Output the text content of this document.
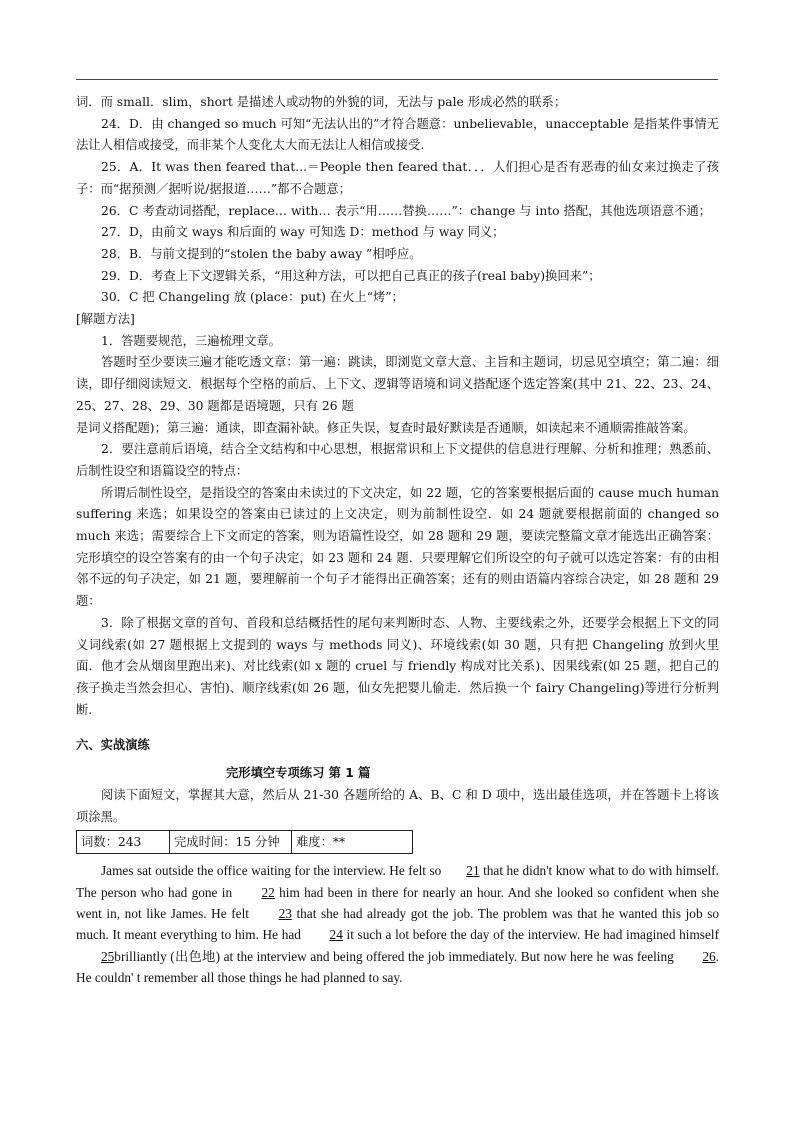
词．而 small．slim，short 是描述人或动物的外貌的词，无法与 pale 形成必然的联系；

24．D．由 changed so much 可知“无法认出的”才符合题意：unbelievable，unacceptable 是指某件事情无法让人相信或接受，而非某个人变化太大而无法让人相信或接受.

25．A．It was then feared that...＝People then feared that．．．人们担心是否有恶毒的仙女来过换走了孩子：而“据预测／据听说/据报道……”都不合题意；

26．C 考查动词搭配，replace… with… 表示“用……替换……”：change 与 into 搭配，其他选项语意不通；

27．D，由前文 ways 和后面的 way 可知选 D：method 与 way 同义；

28．B．与前文提到的“stolen the baby away ”相呼应。

29．D．考查上下文逻辑关系，“用这种方法，可以把自己真正的孩子(real baby)换回来”；

30．C 把 Changeling 放 (place：put) 在火上“烤”；

[解题方法]

1．答题要规范，三遍梳理文章。

答题时至少要读三遍才能吃透文章：第一遍：跳读，即浏览文章大意、主旨和主题词，切忌见空填空；第二遍：细读，即仔细阅读短文．根据每个空格的前后、上下文、逻辑等语境和词义搭配逐个选定答案(其中 21、22、23、24、25、27、28、29、30 题都是语境题，只有 26 题

是词义搭配题)；第三遍：通读，即查漏补缺。修正失误，复查时最好默读是否通顺，如读起来不通顺需推敲答案。

2．要注意前后语境，结合全文结构和中心思想，根据常识和上下文提供的信息进行理解、分析和推理；熟悉前、后制性设空和语篇设空的特点：

所谓后制性设空，是指设空的答案由未读过的下文决定，如 22 题，它的答案要根据后面的 cause much human suffering 来选；如果设空的答案由已读过的上文决定，则为前制性设空．如 24 题就要根据前面的 changed so much 来选；需要综合上下文而定的答案，则为语篇性设空，如 28 题和 29 题，要读完整篇文章才能选出正确答案：完形填空的设空答案有的由一个句子决定，如 23 题和 24 题．只要理解它们所设空的句子就可以选定答案：有的由相邻不远的句子决定，如 21 题，要理解前一个句子才能得出正确答案；还有的则由语篇内容综合决定，如 28 题和 29 题：

3．除了根据文章的首句、首段和总结概括性的尾句来判断时态、人物、主要线索之外，还要学会根据上下文的同义词线索(如 27 题根据上文提到的 ways 与 methods 同义)、环境线索(如 30 题，只有把 Changeling 放到火里面．他才会从烟囱里跑出来)、对比线索(如 x 题的 cruel 与 friendly 构成对比关系)、因果线索(如 25 题，把自己的孩子换走当然会担心、害怕)、顺序线索(如 26 题，仙女先把婴儿偷走．然后换一个 fairy Changeling)等进行分析判断.

六、实战演练

完形填空专项练习 第 1 篇

阅读下面短文，掌握其大意，然后从 21-30 各题所给的 A、B、C 和 D 项中，选出最佳选项，并在答题卡上将该项涂黑。

词数：243	完成时间：15 分钟	难度：**

James sat outside the office waiting for the interview. He felt so 21 that he didn't know what to do with himself. The person who had gone in 22 him had been in there for nearly an hour. And she looked so confident when she went in, not like James. He felt 23 that she had already got the job. The problem was that he wanted this job so much. It meant everything to him. He had 24 it such a lot before the day of the interview. He had imagined himself 25brilliantly (出色地) at the interview and being offered the job immediately. But now here he was feeling 26. He couldn' t remember all those things he had planned to say.
